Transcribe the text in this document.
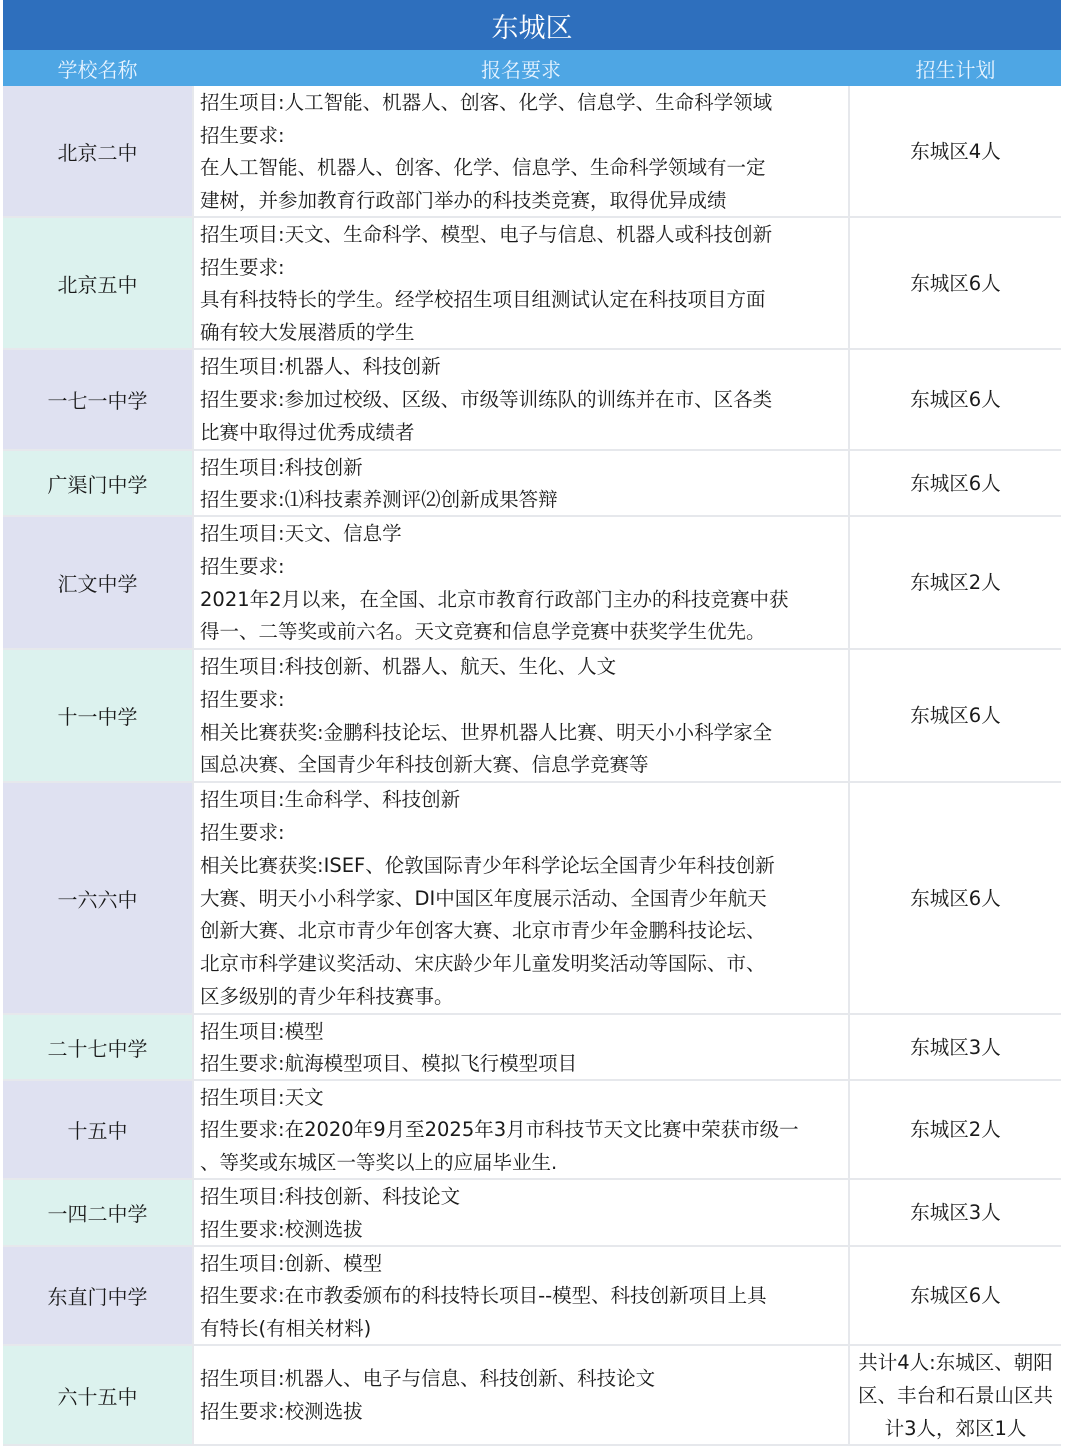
东城区
学校名称	报名要求	招生计划
北京二中
招生项目:人工智能、机器人、创客、化学、信息学、生命科学领域
招生要求:
在人工智能、机器人、创客、化学、信息学、生命科学领域有一定
建树，并参加教育行政部门举办的科技类竞赛，取得优异成绩
东城区4人
北京五中
招生项目:天文、生命科学、模型、电子与信息、机器人或科技创新
招生要求:
具有科技特长的学生。经学校招生项目组测试认定在科技项目方面
确有较大发展潜质的学生
东城区6人
一七一中学
招生项目:机器人、科技创新
招生要求:参加过校级、区级、市级等训练队的训练并在市、区各类
比赛中取得过优秀成绩者
东城区6人
广渠门中学
招生项目:科技创新
招生要求:⑴科技素养测评⑵创新成果答辩
东城区6人
汇文中学
招生项目:天文、信息学
招生要求:
2021年2月以来，在全国、北京市教育行政部门主办的科技竞赛中获
得一、二等奖或前六名。天文竞赛和信息学竞赛中获奖学生优先。
东城区2人
十一中学
招生项目:科技创新、机器人、航天、生化、人文
招生要求:
相关比赛获奖:金鹏科技论坛、世界机器人比赛、明天小小科学家全
国总决赛、全国青少年科技创新大赛、信息学竞赛等
东城区6人
一六六中
招生项目:生命科学、科技创新
招生要求:
相关比赛获奖:ISEF、伦敦国际青少年科学论坛全国青少年科技创新
大赛、明天小小科学家、DI中国区年度展示活动、全国青少年航天
创新大赛、北京市青少年创客大赛、北京市青少年金鹏科技论坛、
北京市科学建议奖活动、宋庆龄少年儿童发明奖活动等国际、市、
区多级别的青少年科技赛事。
东城区6人
二十七中学
招生项目:模型
招生要求:航海模型项目、模拟飞行模型项目
东城区3人
十五中
招生项目:天文
招生要求:在2020年9月至2025年3月市科技节天文比赛中荣获市级一
、等奖或东城区一等奖以上的应届毕业生.
东城区2人
一四二中学
招生项目:科技创新、科技论文
招生要求:校测选拔
东城区3人
东直门中学
招生项目:创新、模型
招生要求:在市教委颁布的科技特长项目--模型、科技创新项目上具
有特长(有相关材料)
东城区6人
六十五中
招生项目:机器人、电子与信息、科技创新、科技论文
招生要求:校测选拔
共计4人:东城区、朝阳区、丰台和石景山区共计3人，郊区1人
